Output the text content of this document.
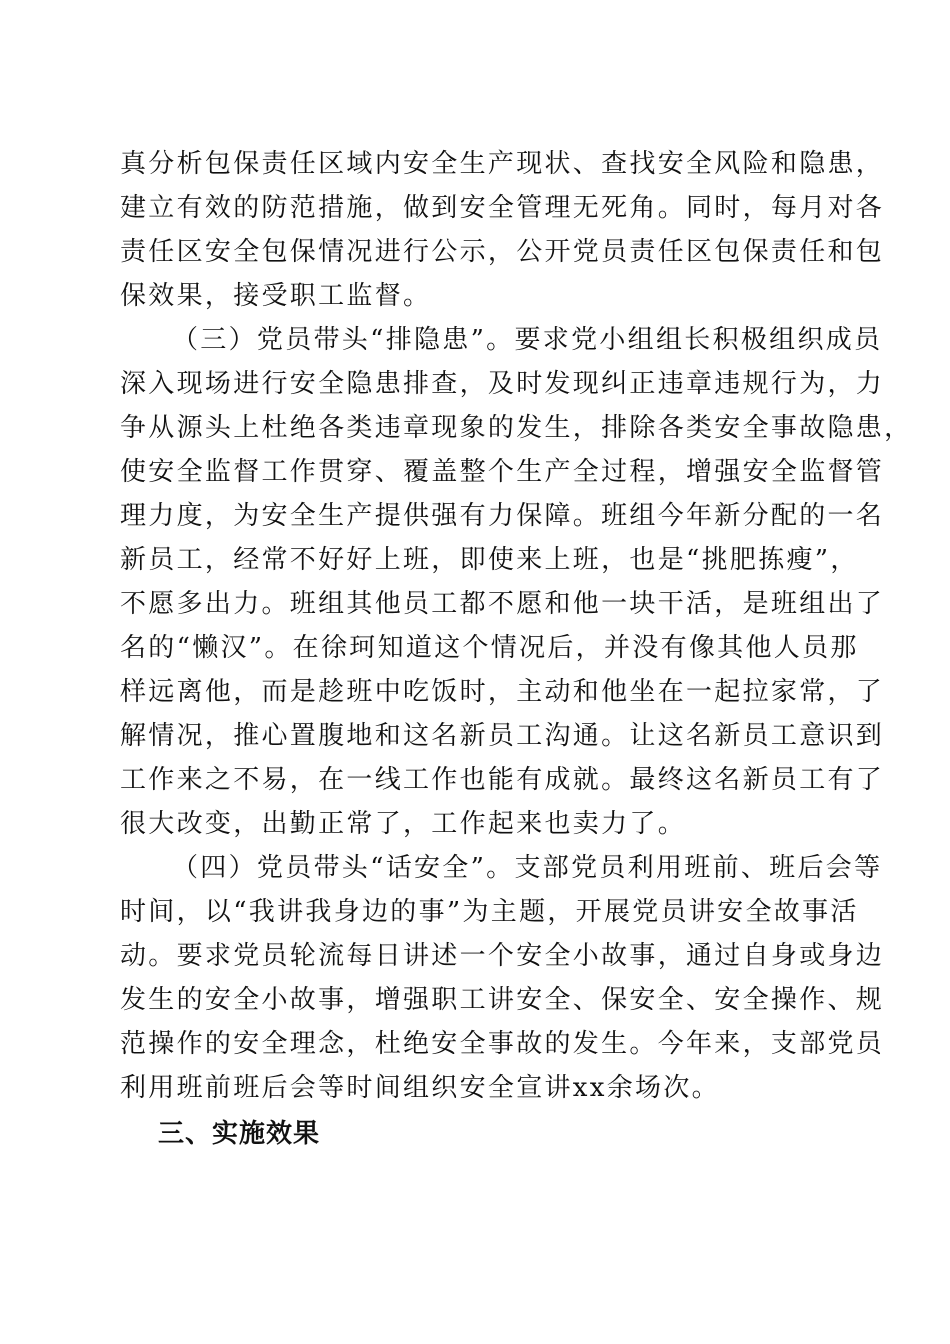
真分析包保责任区域内安全生产现状、查找安全风险和隐患，
建立有效的防范措施，做到安全管理无死角。同时，每月对各
责任区安全包保情况进行公示，公开党员责任区包保责任和包
保效果，接受职工监督。
（三）党员带头“排隐患”。要求党小组组长积极组织成员
深入现场进行安全隐患排查，及时发现纠正违章违规行为，力
争从源头上杜绝各类违章现象的发生，排除各类安全事故隐患，
使安全监督工作贯穿、覆盖整个生产全过程，增强安全监督管
理力度，为安全生产提供强有力保障。班组今年新分配的一名
新员工，经常不好好上班，即使来上班，也是“挑肥拣瘦”，
不愿多出力。班组其他员工都不愿和他一块干活，是班组出了
名的“懒汉”。在徐珂知道这个情况后，并没有像其他人员那
样远离他，而是趁班中吃饭时，主动和他坐在一起拉家常，了
解情况，推心置腹地和这名新员工沟通。让这名新员工意识到
工作来之不易，在一线工作也能有成就。最终这名新员工有了
很大改变，出勤正常了，工作起来也卖力了。
（四）党员带头“话安全”。支部党员利用班前、班后会等
时间，以“我讲我身边的事”为主题，开展党员讲安全故事活
动。要求党员轮流每日讲述一个安全小故事，通过自身或身边
发生的安全小故事，增强职工讲安全、保安全、安全操作、规
范操作的安全理念，杜绝安全事故的发生。今年来，支部党员
利用班前班后会等时间组织安全宣讲xx余场次。
三、实施效果
